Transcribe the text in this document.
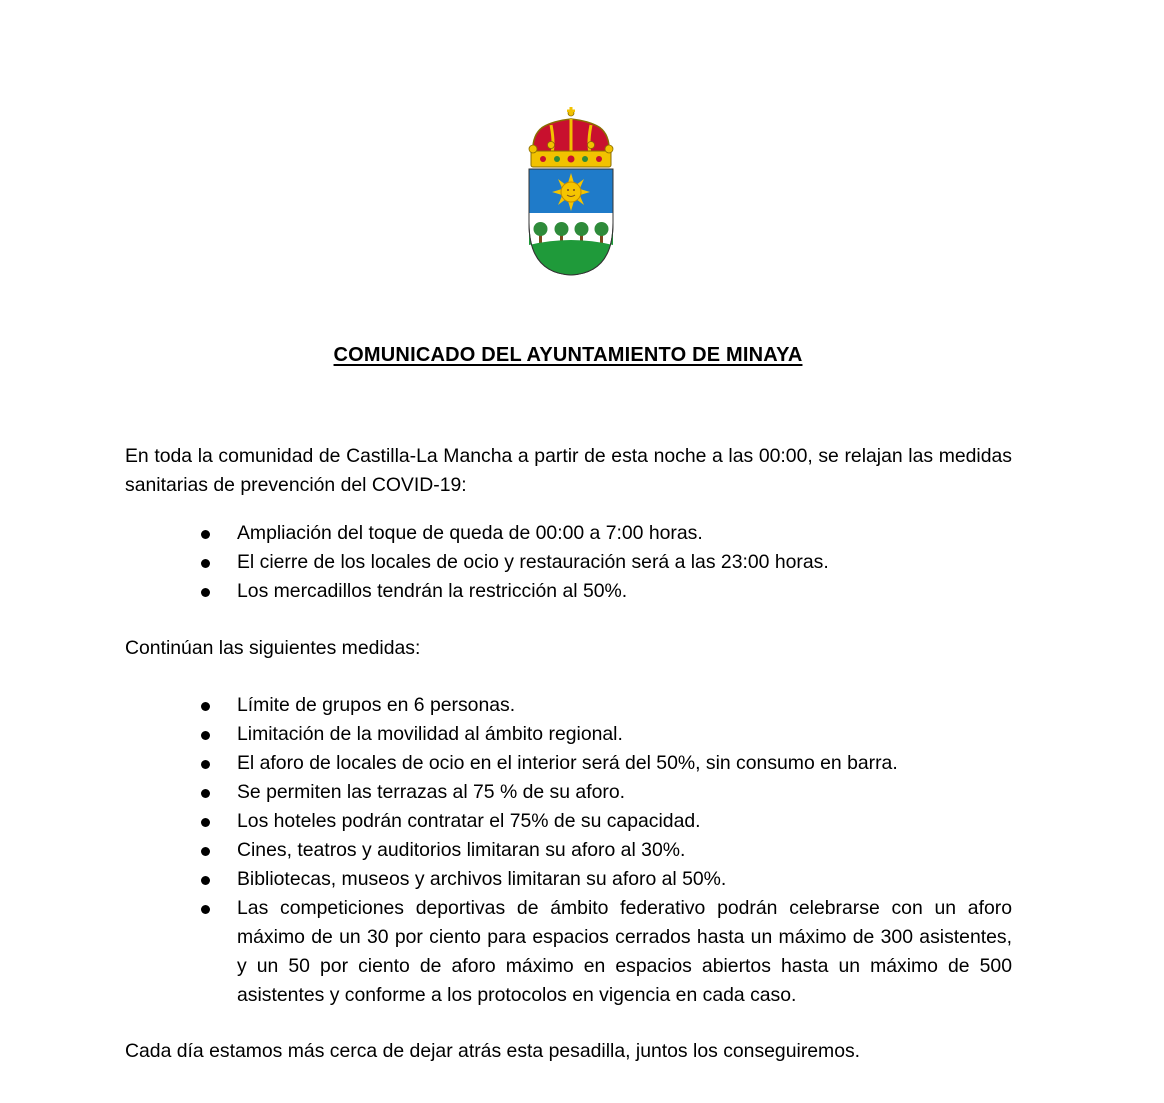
COMUNICADO DEL AYUNTAMIENTO DE MINAYA

En toda la comunidad de Castilla-La Mancha a partir de esta noche a las 00:00, se relajan las medidas sanitarias de prevención del COVID-19:

Ampliación del toque de queda de 00:00 a 7:00 horas.
El cierre de los locales de ocio y restauración será a las 23:00 horas.
Los mercadillos tendrán la restricción al 50%.

Continúan las siguientes medidas:

Límite de grupos en 6 personas.
Limitación de la movilidad al ámbito regional.
El aforo de locales de ocio en el interior será del 50%, sin consumo en barra.
Se permiten las terrazas al 75 % de su aforo.
Los hoteles podrán contratar el 75% de su capacidad.
Cines, teatros y auditorios limitaran su aforo al 30%.
Bibliotecas, museos y archivos limitaran su aforo al 50%.
Las competiciones deportivas de ámbito federativo podrán celebrarse con un aforo máximo de un 30 por ciento para espacios cerrados hasta un máximo de 300 asistentes, y un 50 por ciento de aforo máximo en espacios abiertos hasta un máximo de 500 asistentes y conforme a los protocolos en vigencia en cada caso.

Cada día estamos más cerca de dejar atrás esta pesadilla, juntos los conseguiremos.
